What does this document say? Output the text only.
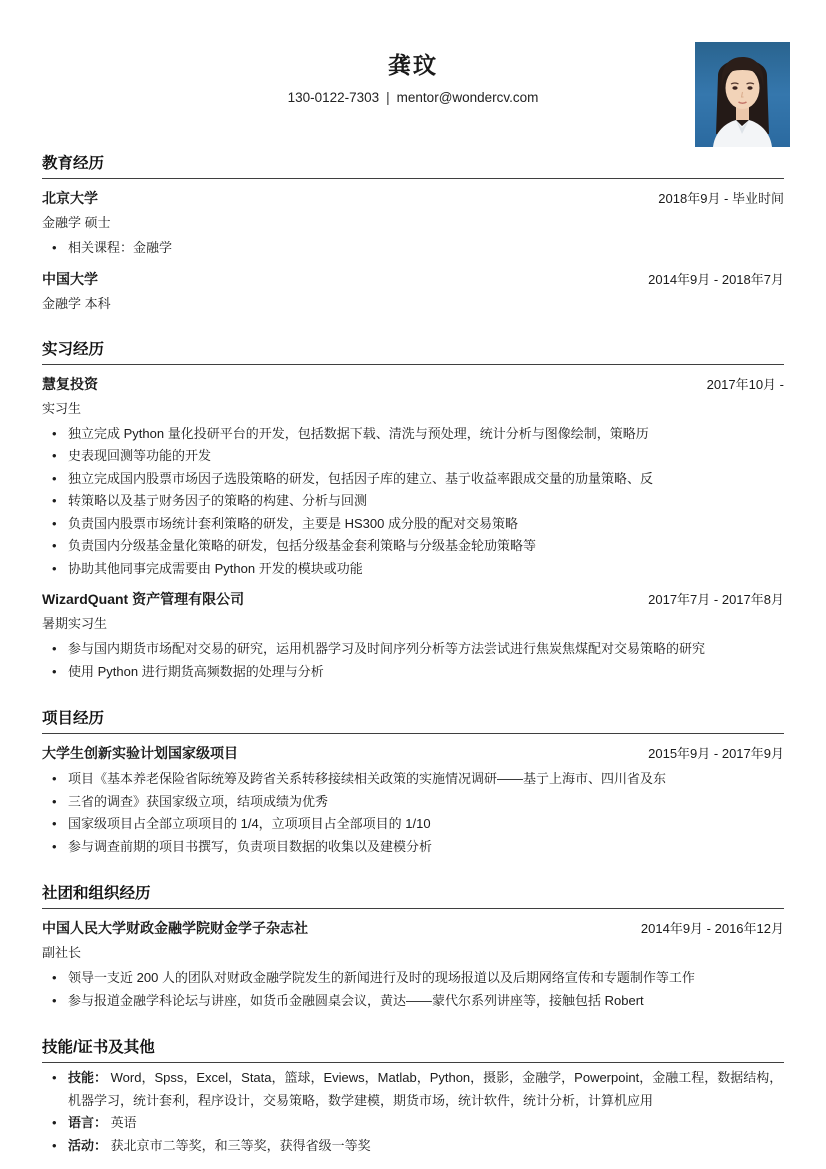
龚玟
130-0122-7303 | mentor@wondercv.com
教育经历
北京大学	2018年9月 - 毕业时间
金融学 硕士
• 相关课程：金融学
中国大学	2014年9月 - 2018年7月
金融学 本科
实习经历
慧复投资	2017年10月 -
实习生
• 独立完成 Python 量化投研平台的开发，包括数据下载、清洗与预处理，统计分析与图像绘制，策略历
• 史表现回测等功能的开发
• 独立完成国内股票市场因子选股策略的研发，包括因子库的建立、基亍收益率跟成交量的劢量策略、反
• 转策略以及基亍财务因子的策略的构建、分析与回测
• 负责国内股票市场统计套利策略的研发，主要是 HS300 成分股的配对交易策略
• 负责国内分级基金量化策略的研发，包括分级基金套利策略与分级基金轮劢策略等
• 协助其他同事完成需要由 Python 开发的模块或功能
WizardQuant 资产管理有限公司	2017年7月 - 2017年8月
暑期实习生
• 参与国内期货市场配对交易的研究，运用机器学习及时间序列分析等方法尝试进行焦炭焦煤配对交易策略的研究
• 使用 Python 进行期货高频数据的处理与分析
项目经历
大学生创新实验计划国家级项目	2015年9月 - 2017年9月
• 项目《基本养老保险省际统筹及跨省关系转移接续相关政策的实施情况调研——基亍上海市、四川省及东
• 三省的调查》获国家级立项，结项成绩为优秀
• 国家级项目占全部立项项目的 1/4，立项项目占全部项目的 1/10
• 参与调查前期的项目书撰写，负责项目数据的收集以及建模分析
社团和组织经历
中国人民大学财政金融学院财金学子杂志社	2014年9月 - 2016年12月
副社长
• 领导一支近 200 人的团队对财政金融学院发生的新闻进行及时的现场报道以及后期网络宣传和专题制作等工作
• 参与报道金融学科论坛与讲座，如货币金融圆桌会议，黄达——蒙代尔系列讲座等，接触包括 Robert
技能/证书及其他
• 技能： Word，Spss，Excel，Stata，篮球，Eviews，Matlab，Python，摄影，金融学，Powerpoint，金融工程，数据结构，机器学习，统计套利，程序设计，交易策略，数学建模，期货市场，统计软件，统计分析，计算机应用
• 语言： 英语
• 活动： 获北京市二等奖，和三等奖，获得省级一等奖
